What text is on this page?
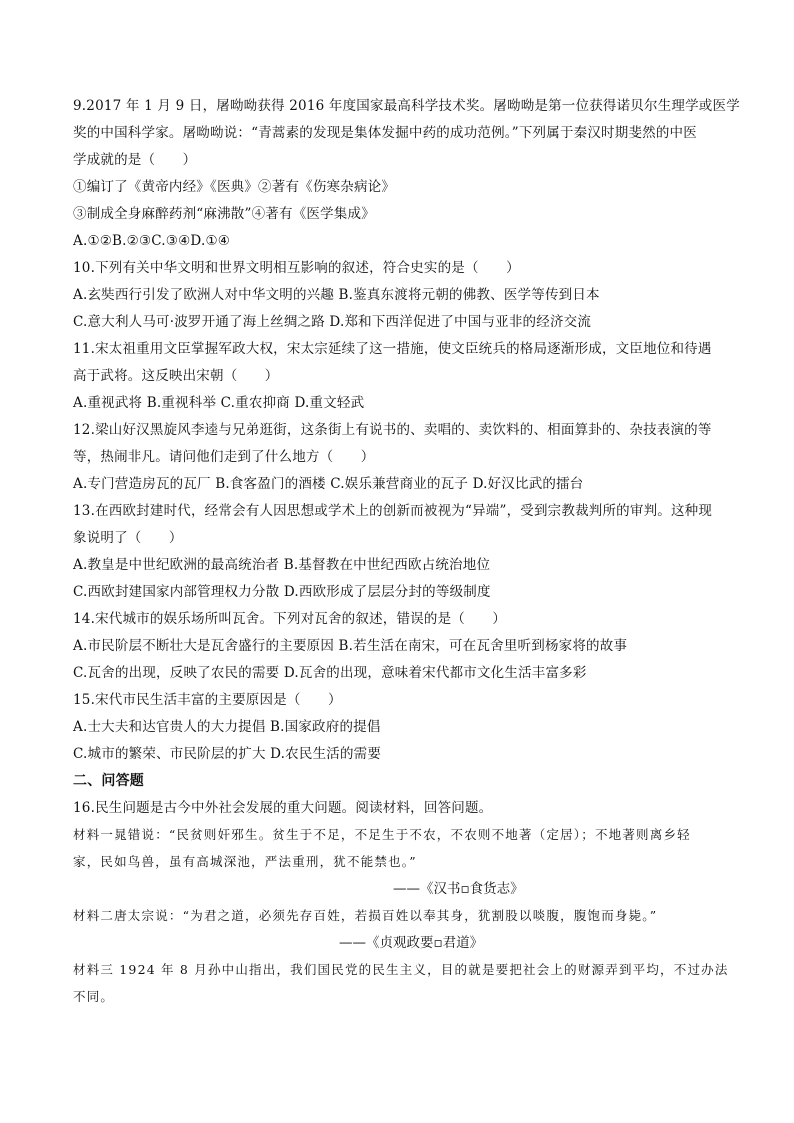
9.2017 年 1 月 9 日，屠呦呦获得 2016 年度国家最高科学技术奖。屠呦呦是第一位获得诺贝尔生理学或医学
奖的中国科学家。屠呦呦说：“青蒿素的发现是集体发掘中药的成功范例。”下列属于秦汉时期斐然的中医
学成就的是（　　）
①编订了《黄帝内经》《医典》②著有《伤寒杂病论》
③制成全身麻醉药剂“麻沸散”④著有《医学集成》
A.①②B.②③C.③④D.①④
10.下列有关中华文明和世界文明相互影响的叙述，符合史实的是（　　）
A.玄奘西行引发了欧洲人对中华文明的兴趣 B.鉴真东渡将元朝的佛教、医学等传到日本
C.意大利人马可·波罗开通了海上丝绸之路 D.郑和下西洋促进了中国与亚非的经济交流
11.宋太祖重用文臣掌握军政大权，宋太宗延续了这一措施，使文臣统兵的格局逐渐形成，文臣地位和待遇
高于武将。这反映出宋朝（　　）
A.重视武将 B.重视科举 C.重农抑商 D.重文轻武
12.梁山好汉黑旋风李逵与兄弟逛街，这条街上有说书的、卖唱的、卖饮料的、相面算卦的、杂技表演的等
等，热闹非凡。请问他们走到了什么地方（　　）
A.专门营造房瓦的瓦厂 B.食客盈门的酒楼 C.娱乐兼营商业的瓦子 D.好汉比武的擂台
13.在西欧封建时代，经常会有人因思想或学术上的创新而被视为“异端”，受到宗教裁判所的审判。这种现
象说明了（　　）
A.教皇是中世纪欧洲的最高统治者 B.基督教在中世纪西欧占统治地位
C.西欧封建国家内部管理权力分散 D.西欧形成了层层分封的等级制度
14.宋代城市的娱乐场所叫瓦舍。下列对瓦舍的叙述，错误的是（　　）
A.市民阶层不断壮大是瓦舍盛行的主要原因 B.若生活在南宋，可在瓦舍里听到杨家将的故事
C.瓦舍的出现，反映了农民的需要 D.瓦舍的出现，意味着宋代都市文化生活丰富多彩
15.宋代市民生活丰富的主要原因是（　　）
A.士大夫和达官贵人的大力提倡 B.国家政府的提倡
C.城市的繁荣、市民阶层的扩大 D.农民生活的需要
二、问答题
16.民生问题是古今中外社会发展的重大问题。阅读材料，回答问题。
材料一晁错说：“民贫则奸邪生。贫生于不足，不足生于不农，不农则不地著（定居）；不地著则离乡轻
家，民如鸟兽，虽有高城深池，严法重刑，犹不能禁也。”
——《汉书▫食货志》
材料二唐太宗说：“为君之道，必须先存百姓，若损百姓以奉其身，犹割股以啖腹，腹饱而身毙。”
——《贞观政要▫君道》
材料三 1924 年 8 月孙中山指出，我们国民党的民生主义，目的就是要把社会上的财源弄到平均，不过办法
不同。
